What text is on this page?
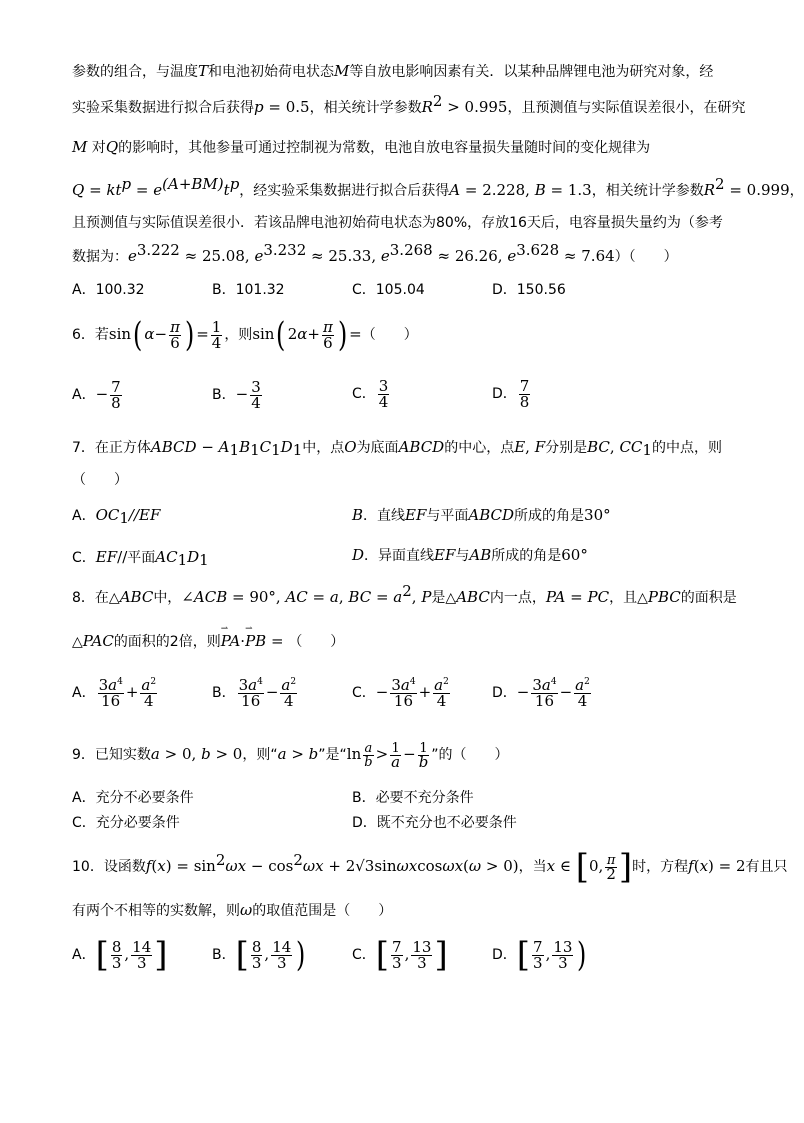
参数的组合，与温度T和电池初始荷电状态M等自放电影响因素有关．以某种品牌锂电池为研究对象，经
实验采集数据进行拟合后获得p = 0.5，相关统计学参数$R^2 > 0.995$，且预测值与实际值误差很小，在研究
M 对Q的影响时，其他参量可通过控制视为常数，电池自放电容量损失量随时间的变化规律为
$Q = kt^p = e^{(A+BM)}t^p$，经实验采集数据进行拟合后获得A = 2.228, B = 1.3，相关统计学参数$R^2 = 0.999$，
且预测值与实际值误差很小．若该品牌电池初始荷电状态为80%，存放16天后，电容量损失量约为（参考
数据为：$e^{3.222} \approx 25.08$, $e^{3.232} \approx 25.33$, $e^{3.268} \approx 26.26$, $e^{3.628} \approx 7.64$）（　　）
A．100.32	B．101.32	C．105.04	D．150.56
6．若sin( $\alpha- \frac{\pi}{6}$ ) = $\frac{1}{4}$ ，则sin( $2\alpha+ \frac{\pi}{6}$ ) =（　　）
A．− $\frac{7}{8}$	B．− $\frac{3}{4}$	C． $\frac{3}{4}$	D． $\frac{7}{8}$
7．在正方体ABCD − $A_1B_1C_1D_1$中，点O为底面ABCD的中心，点E, F分别是BC, $CC_1$的中点，则
（　　）
A．$OC_1//EF$	B．直线EF与平面ABCD所成的角是30°
C．EF//平面$AC_1D_1$	D．异面直线EF与AB所成的角是60°
8．在△ABC中，∠ACB = 90°, AC = a, BC = $a^2$, P是△ABC内一点，PA = PC，且△PBC的面积是
△PAC的面积的2倍，则⇀ PA·⇀ PB = （　　）
A． $\frac{3a^4}{16} + \frac{a^2}{4}$	B． $\frac{3a^4}{16} - \frac{a^2}{4}$	C．− $\frac{3a^4}{16} + \frac{a^2}{4}$	D．− $\frac{3a^4}{16} - \frac{a^2}{4}$
9．已知实数a > 0, b > 0，则“a > b”是“$\ln \frac{a}{b} > \frac{1}{a} - \frac{1}{b}$ ”的（　　）
A．充分不必要条件	B．必要不充分条件
C．充分必要条件	D．既不充分也不必要条件
10．设函数$f(x) = \sin^2\omega x - \cos^2\omega x + 2√3\sin\omega xcos\omega x(\omega > 0)$，当x ∈ [0, $\frac{\pi}{2}$ ]时，方程f(x) = 2有且只
有两个不相等的实数解，则ω的取值范围是（　　）
A．[ $\frac{8}{3}$ , $\frac{14}{3}$ ]	B．[ $\frac{8}{3}$ , $\frac{14}{3}$ )	C．[ $\frac{7}{3}$ , $\frac{13}{3}$ ]	D．[ $\frac{7}{3}$ , $\frac{13}{3}$ )
